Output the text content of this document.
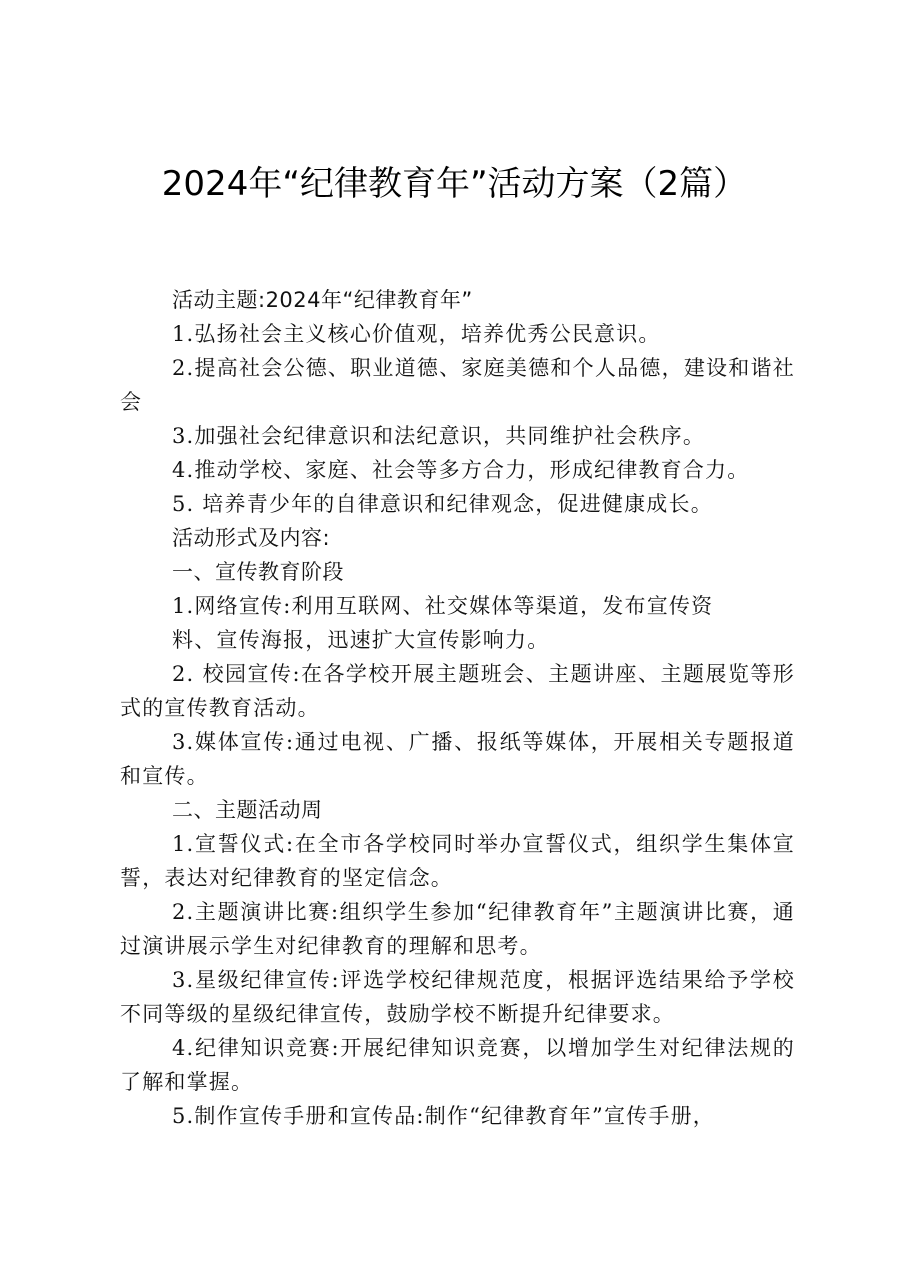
2024年“纪律教育年”活动方案（2篇）

活动主题:2024年“纪律教育年”

1.弘扬社会主义核心价值观，培养优秀公民意识。

2.提高社会公德、职业道德、家庭美德和个人品德，建设和谐社会

3.加强社会纪律意识和法纪意识，共同维护社会秩序。

4.推动学校、家庭、社会等多方合力，形成纪律教育合力。

5. 培养青少年的自律意识和纪律观念，促进健康成长。

活动形式及内容:

一、宣传教育阶段

1.网络宣传:利用互联网、社交媒体等渠道，发布宣传资

料、宣传海报，迅速扩大宣传影响力。

2. 校园宣传:在各学校开展主题班会、主题讲座、主题展览等形式的宣传教育活动。

3.媒体宣传:通过电视、广播、报纸等媒体，开展相关专题报道和宣传。

二、主题活动周

1.宣誓仪式:在全市各学校同时举办宣誓仪式，组织学生集体宣誓，表达对纪律教育的坚定信念。

2.主题演讲比赛:组织学生参加“纪律教育年”主题演讲比赛，通过演讲展示学生对纪律教育的理解和思考。

3.星级纪律宣传:评选学校纪律规范度，根据评选结果给予学校不同等级的星级纪律宣传，鼓励学校不断提升纪律要求。

4.纪律知识竞赛:开展纪律知识竞赛，以增加学生对纪律法规的了解和掌握。

5.制作宣传手册和宣传品:制作“纪律教育年”宣传手册，
